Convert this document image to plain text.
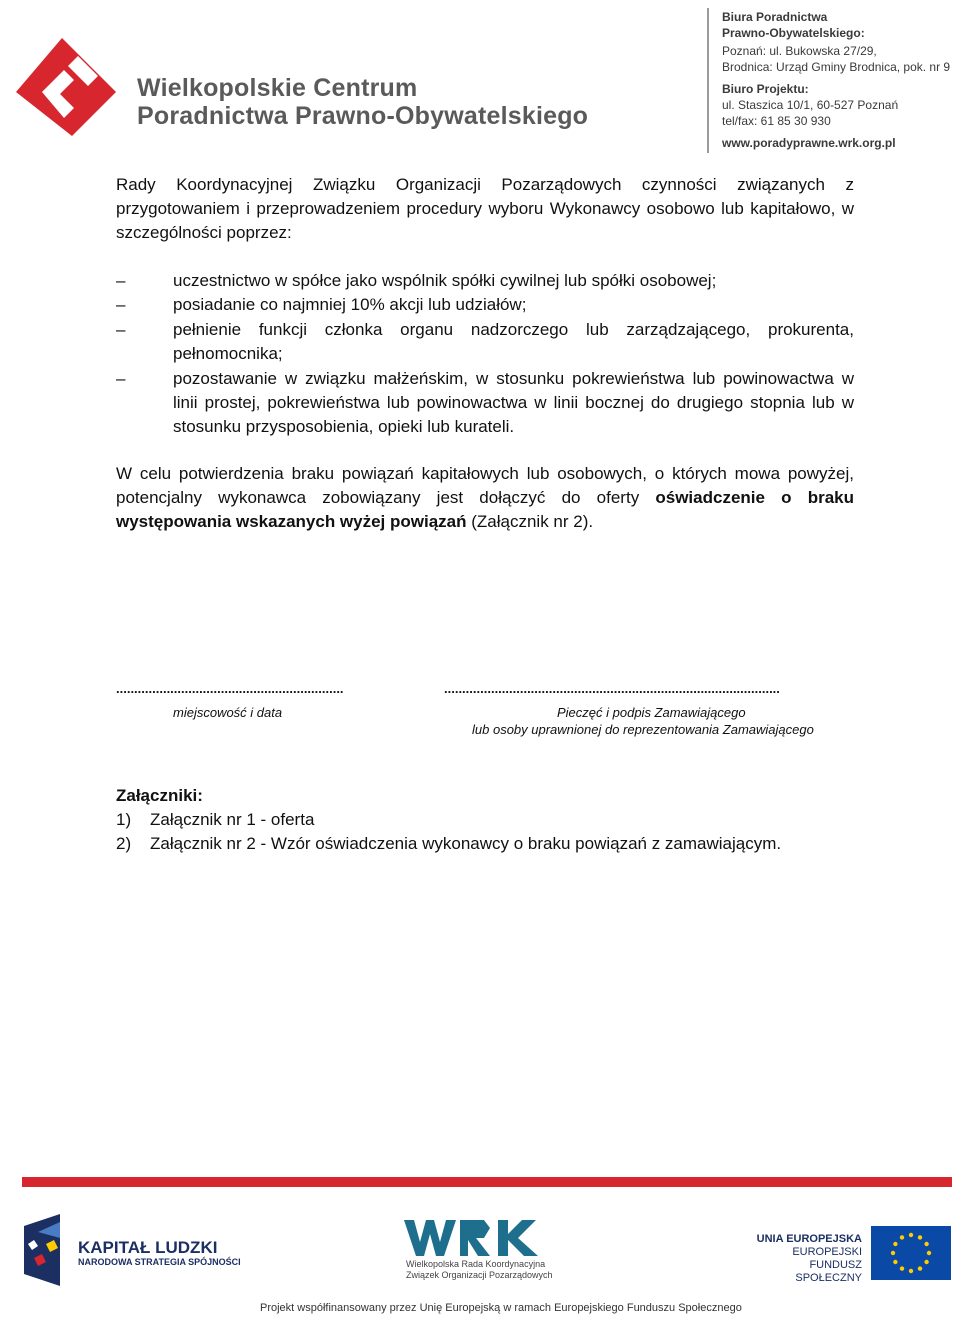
Wielkopolskie Centrum
Poradnictwa Prawno-Obywatelskiego
Biura Poradnictwa
Prawno-Obywatelskiego:
Poznań: ul. Bukowska 27/29,
Brodnica: Urząd Gminy Brodnica, pok. nr 9
Biuro Projektu:
ul. Staszica 10/1, 60-527 Poznań
tel/fax: 61 85 30 930
www.poradyprawne.wrk.org.pl
Rady Koordynacyjnej Związku Organizacji Pozarządowych czynności związanych z przygotowaniem i przeprowadzeniem procedury wyboru Wykonawcy osobowo lub kapitałowo, w szczególności poprzez:
–	uczestnictwo w spółce jako wspólnik spółki cywilnej lub spółki osobowej;
–	posiadanie co najmniej 10% akcji lub udziałów;
–	pełnienie funkcji członka organu nadzorczego lub zarządzającego, prokurenta, pełnomocnika;
–	pozostawanie w związku małżeńskim, w stosunku pokrewieństwa lub powinowactwa w linii prostej, pokrewieństwa lub powinowactwa w linii bocznej do drugiego stopnia lub w stosunku przysposobienia, opieki lub kurateli.
W celu potwierdzenia braku powiązań kapitałowych lub osobowych, o których mowa powyżej, potencjalny wykonawca zobowiązany jest dołączyć do oferty oświadczenie o braku występowania wskazanych wyżej powiązań (Załącznik nr 2).
...............................................................
miejscowość i data
.............................................................................................
Pieczęć i podpis Zamawiającego
lub osoby uprawnionej do reprezentowania Zamawiającego
Załączniki:
1) Załącznik nr 1 - oferta
2) Załącznik nr 2 - Wzór oświadczenia wykonawcy o braku powiązań z zamawiającym.
KAPITAŁ LUDZKI
NARODOWA STRATEGIA SPÓJNOŚCI	Wielkopolska Rada Koordynacyjna
Związek Organizacji Pozarządowych
UNIA EUROPEJSKA
EUROPEJSKI
FUNDUSZ SPOŁECZNY
Projekt współfinansowany przez Unię Europejską w ramach Europejskiego Funduszu Społecznego
